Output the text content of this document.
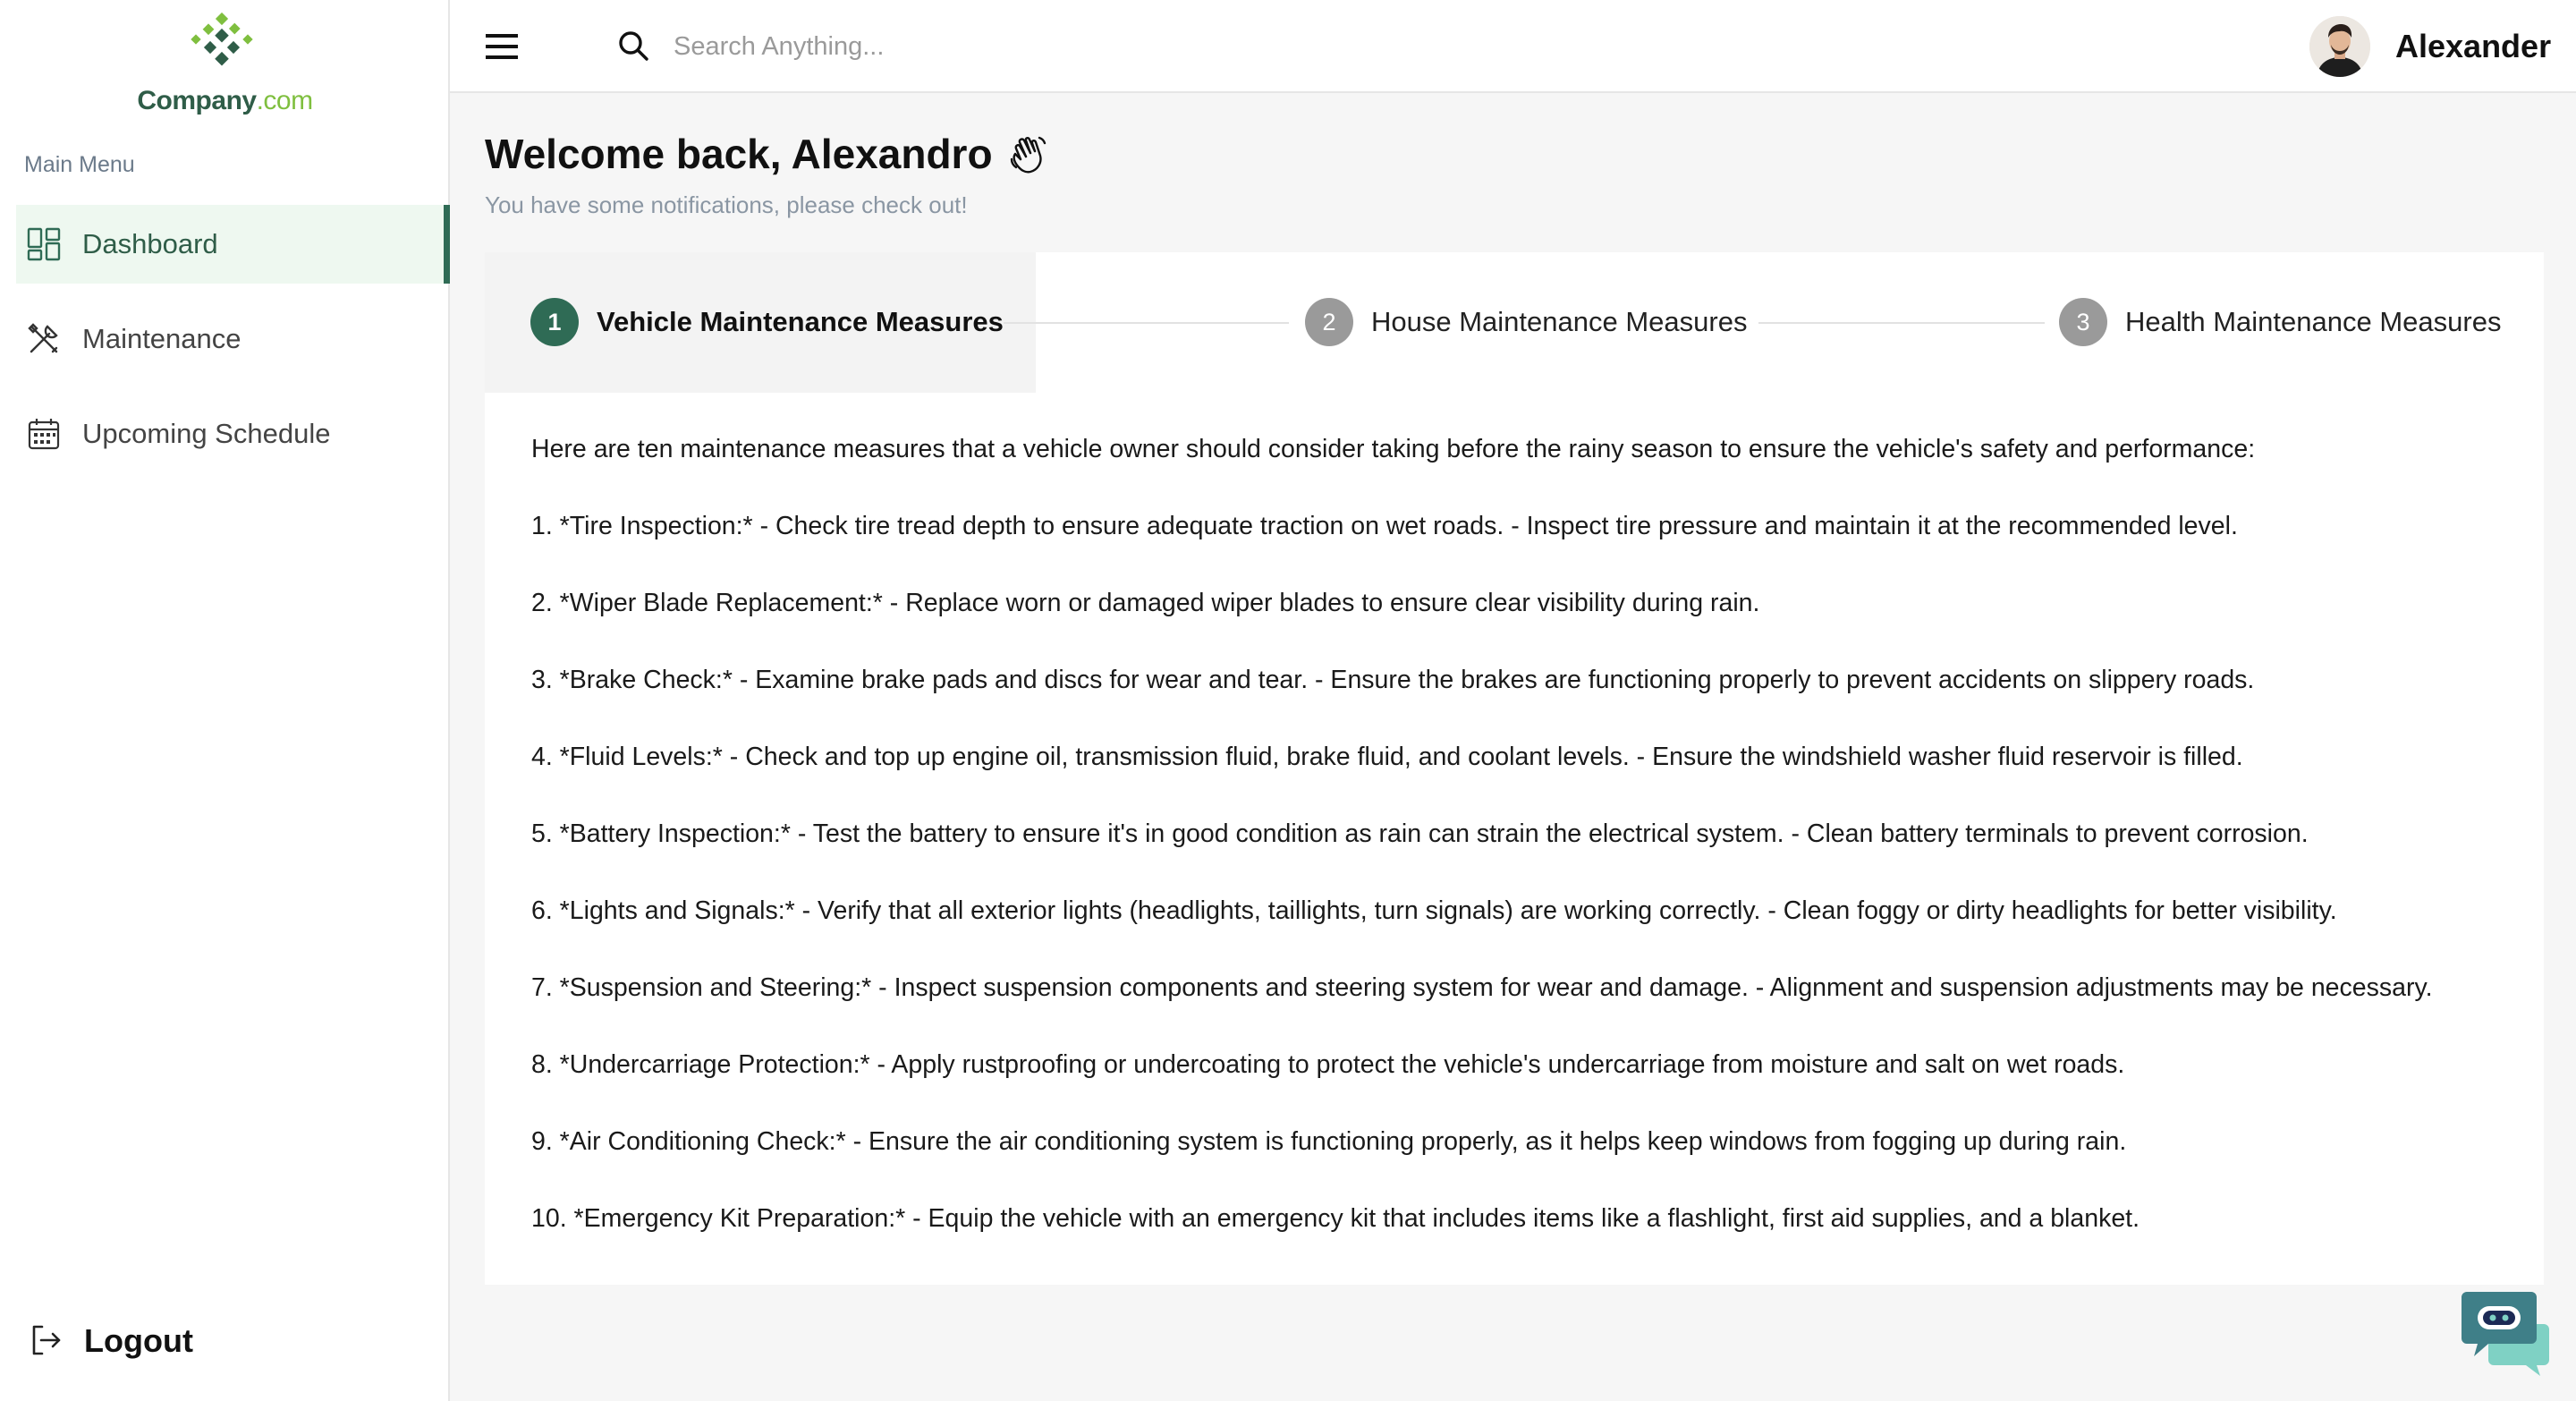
Company.com
Main Menu
Dashboard
Maintenance
Upcoming Schedule
Logout
Search Anything...
Alexander
Welcome back, Alexandro
You have some notifications, please check out!
1	Vehicle Maintenance Measures	2	House Maintenance Measures	3	Health Maintenance Measures

Here are ten maintenance measures that a vehicle owner should consider taking before the rainy season to ensure the vehicle's safety and performance:

1. *Tire Inspection:* - Check tire tread depth to ensure adequate traction on wet roads. - Inspect tire pressure and maintain it at the recommended level.

2. *Wiper Blade Replacement:* - Replace worn or damaged wiper blades to ensure clear visibility during rain.

3. *Brake Check:* - Examine brake pads and discs for wear and tear. - Ensure the brakes are functioning properly to prevent accidents on slippery roads.

4. *Fluid Levels:* - Check and top up engine oil, transmission fluid, brake fluid, and coolant levels. - Ensure the windshield washer fluid reservoir is filled.

5. *Battery Inspection:* - Test the battery to ensure it's in good condition as rain can strain the electrical system. - Clean battery terminals to prevent corrosion.

6. *Lights and Signals:* - Verify that all exterior lights (headlights, taillights, turn signals) are working correctly. - Clean foggy or dirty headlights for better visibility.

7. *Suspension and Steering:* - Inspect suspension components and steering system for wear and damage. - Alignment and suspension adjustments may be necessary.

8. *Undercarriage Protection:* - Apply rustproofing or undercoating to protect the vehicle's undercarriage from moisture and salt on wet roads.

9. *Air Conditioning Check:* - Ensure the air conditioning system is functioning properly, as it helps keep windows from fogging up during rain.

10. *Emergency Kit Preparation:* - Equip the vehicle with an emergency kit that includes items like a flashlight, first aid supplies, and a blanket.
